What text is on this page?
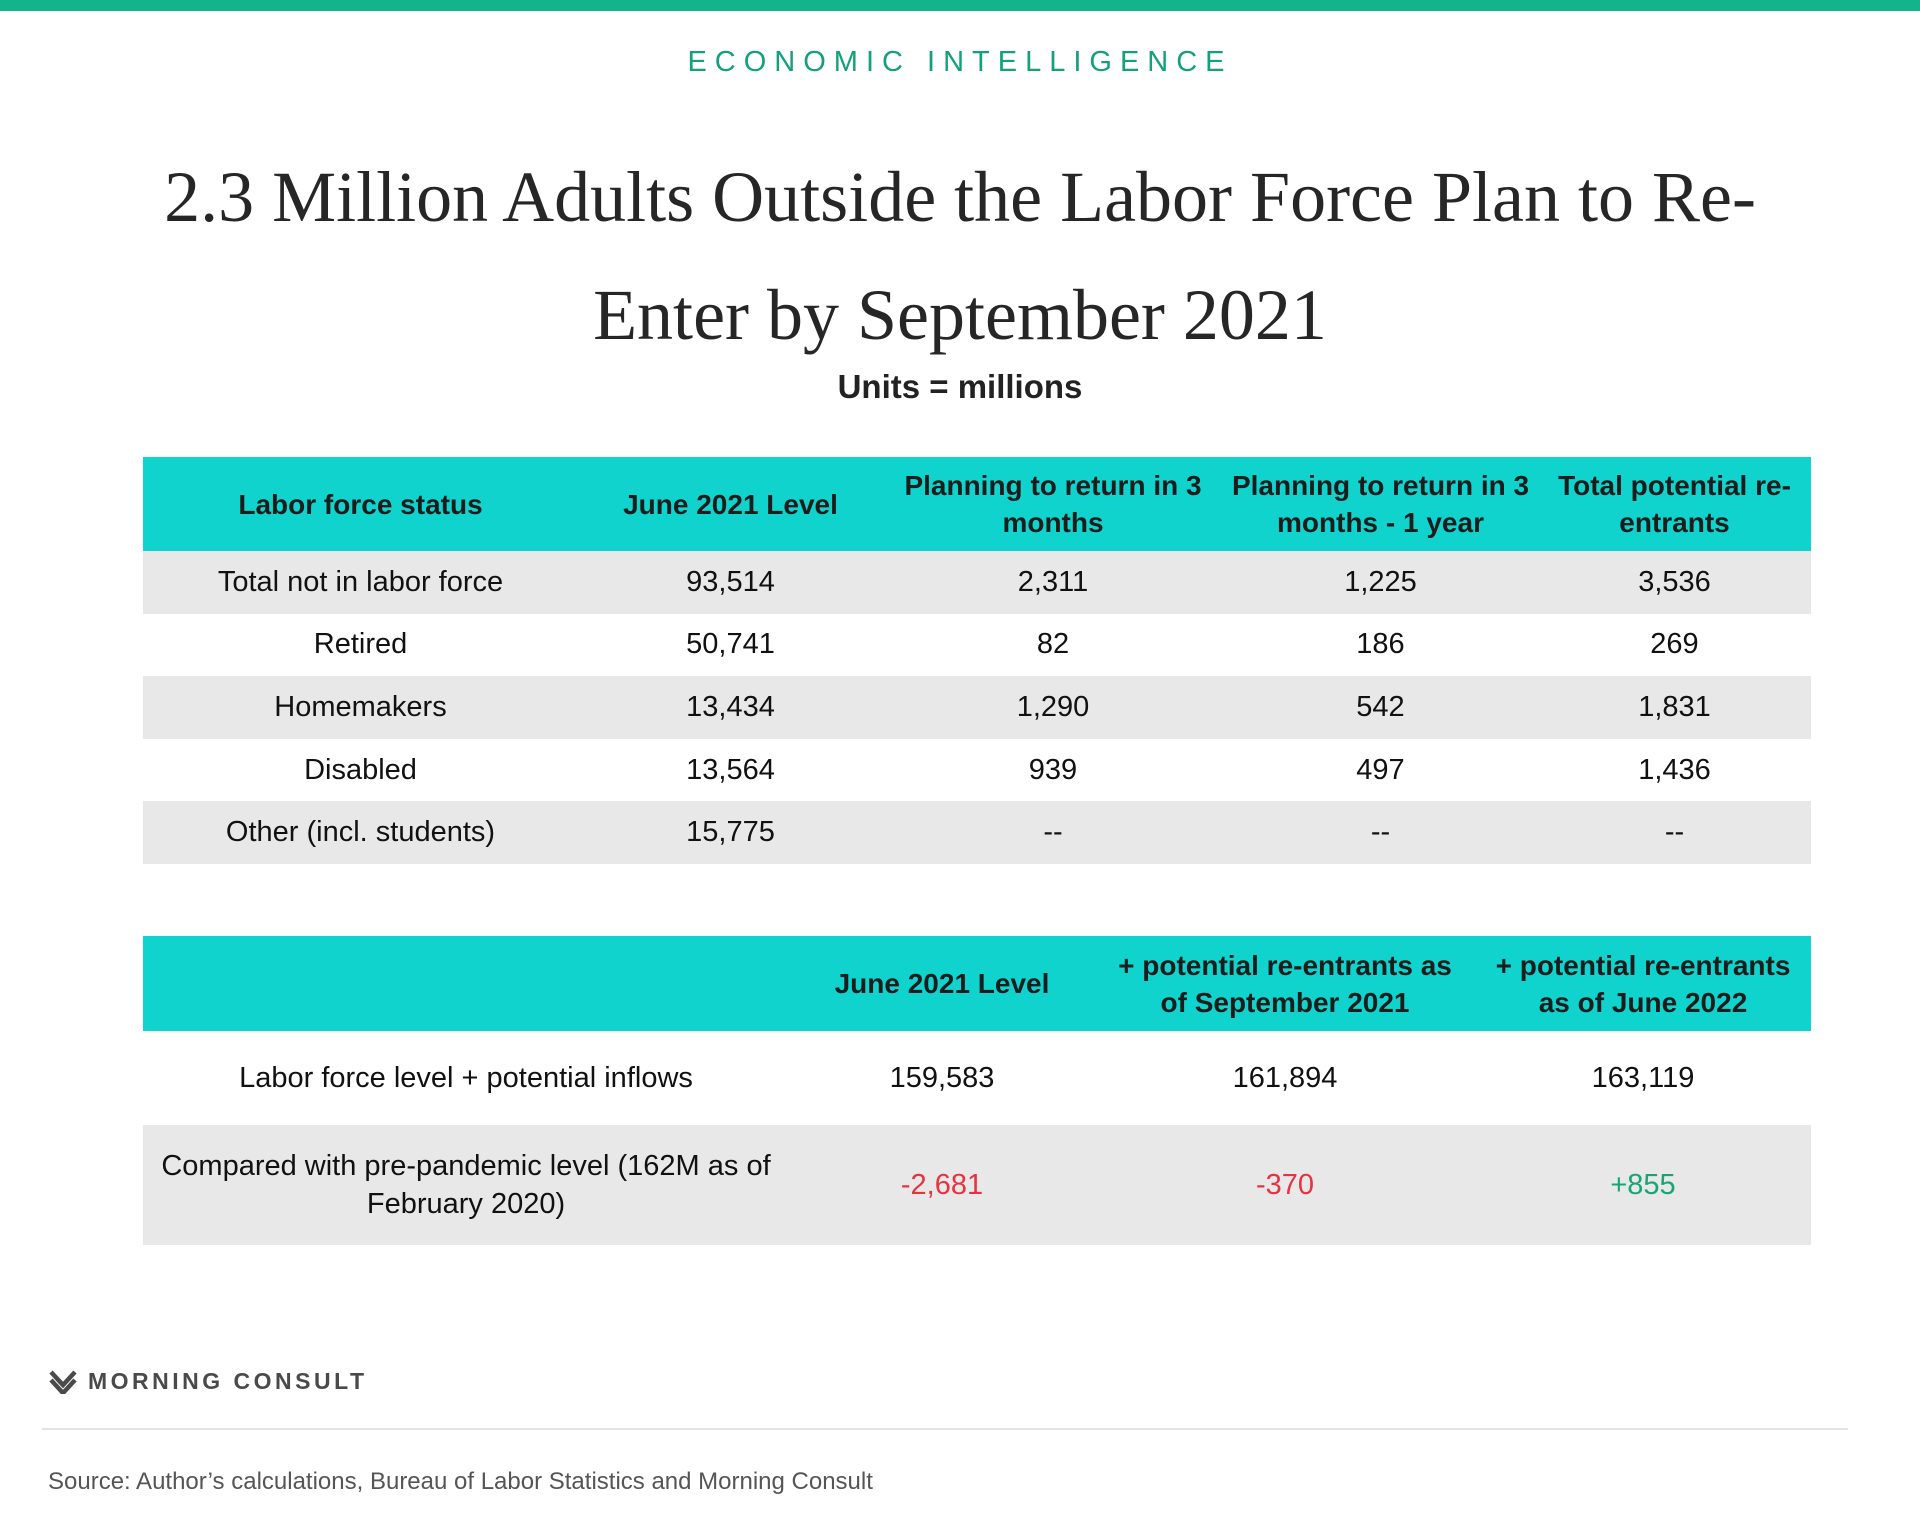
ECONOMIC INTELLIGENCE
2.3 Million Adults Outside the Labor Force Plan to Re-Enter by September 2021
Units = millions
Labor force status	June 2021 Level	Planning to return in 3 months	Planning to return in 3 months - 1 year	Total potential re-entrants
Total not in labor force	93,514	2,311	1,225	3,536
Retired	50,741	82	186	269
Homemakers	13,434	1,290	542	1,831
Disabled	13,564	939	497	1,436
Other (incl. students)	15,775	--	--	--
	June 2021 Level	+ potential re-entrants as of September 2021	+ potential re-entrants as of June 2022
Labor force level + potential inflows	159,583	161,894	163,119
Compared with pre-pandemic level (162M as of February 2020)	-2,681	-370	+855
MORNING CONSULT
Source: Author’s calculations, Bureau of Labor Statistics and Morning Consult
